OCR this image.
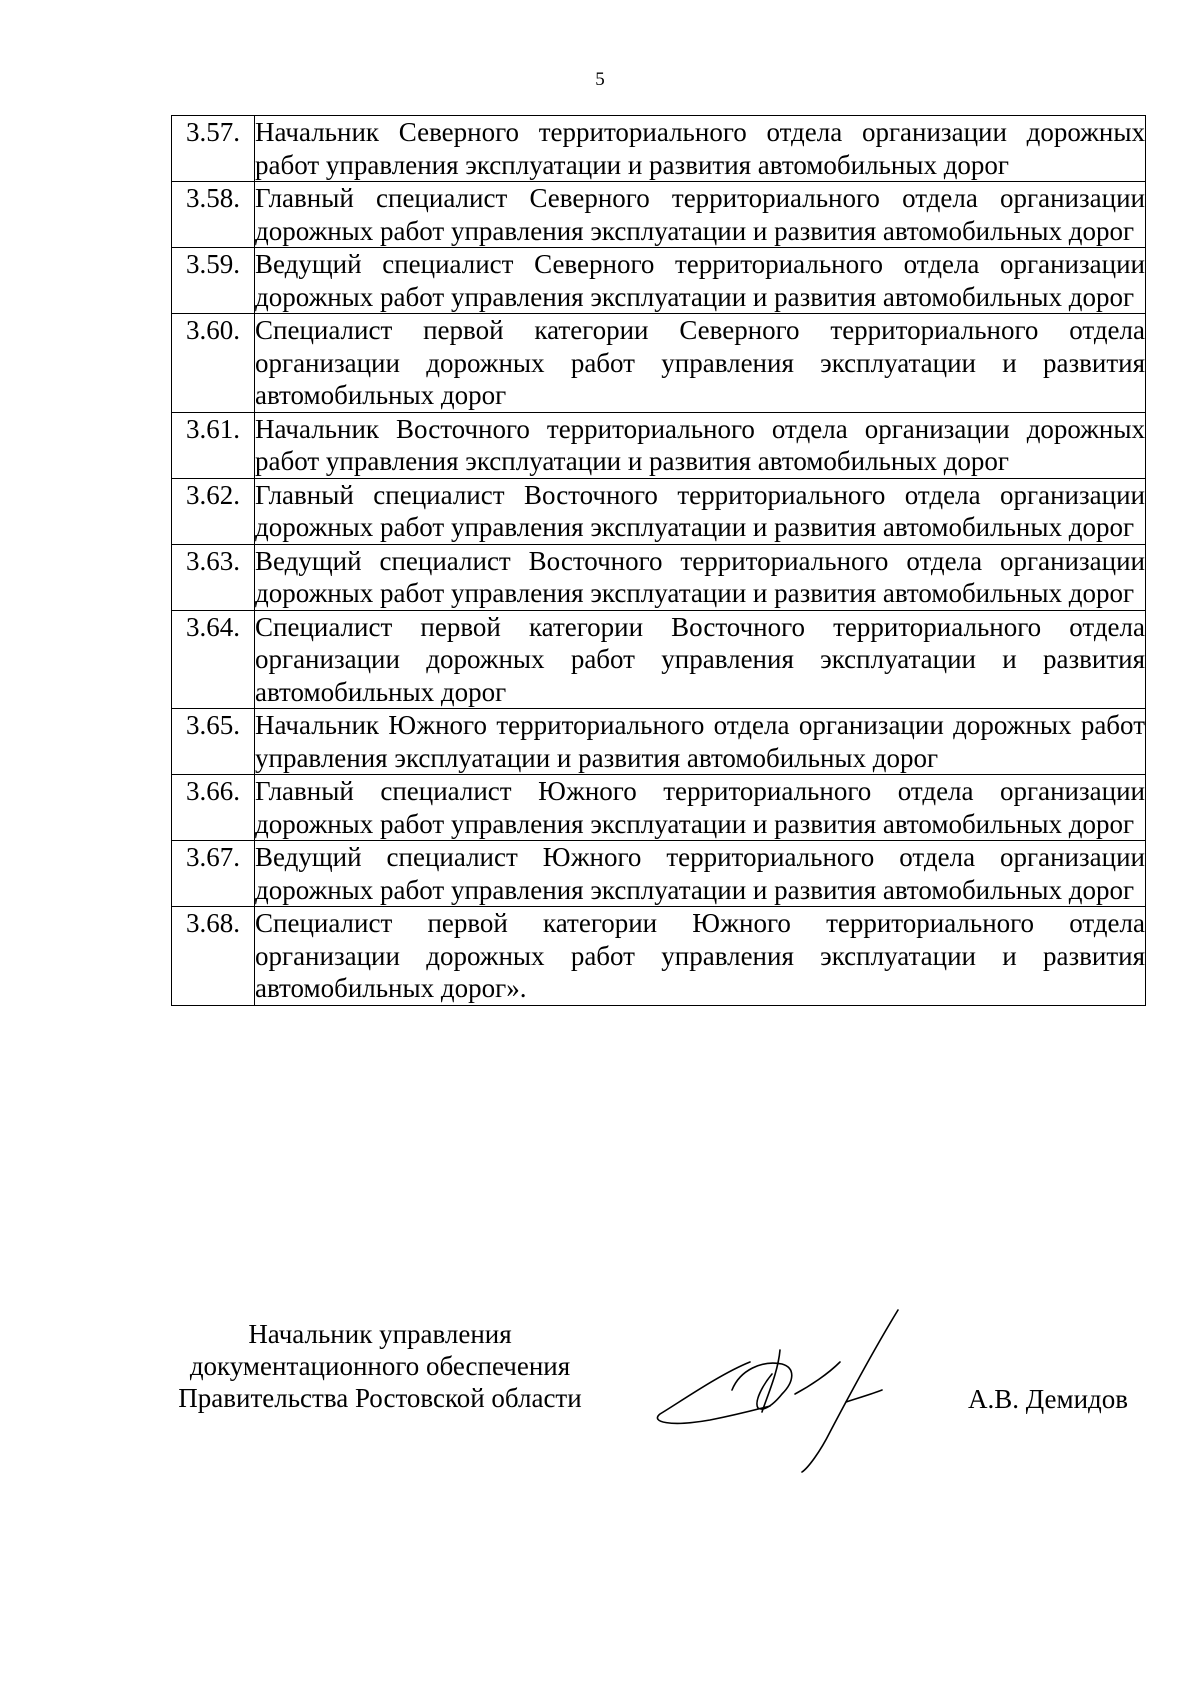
5
3.57.	Начальник Северного территориального отдела организации дорожных работ управления эксплуатации и развития автомобильных дорог
3.58.	Главный специалист Северного территориального отдела организации дорожных работ управления эксплуатации и развития автомобильных дорог
3.59.	Ведущий специалист Северного территориального отдела организации дорожных работ управления эксплуатации и развития автомобильных дорог
3.60.	Специалист первой категории Северного территориального отдела организации дорожных работ управления эксплуатации и развития автомобильных дорог
3.61.	Начальник Восточного территориального отдела организации дорожных работ управления эксплуатации и развития автомобильных дорог
3.62.	Главный специалист Восточного территориального отдела организации дорожных работ управления эксплуатации и развития автомобильных дорог
3.63.	Ведущий специалист Восточного территориального отдела организации дорожных работ управления эксплуатации и развития автомобильных дорог
3.64.	Специалист первой категории Восточного территориального отдела организации дорожных работ управления эксплуатации и развития автомобильных дорог
3.65.	Начальник Южного территориального отдела организации дорожных работ управления эксплуатации и развития автомобильных дорог
3.66.	Главный специалист Южного территориального отдела организации дорожных работ управления эксплуатации и развития автомобильных дорог
3.67.	Ведущий специалист Южного территориального отдела организации дорожных работ управления эксплуатации и развития автомобильных дорог
3.68.	Специалист первой категории Южного территориального отдела организации дорожных работ управления эксплуатации и развития автомобильных дорог».
Начальник управления
документационного обеспечения
Правительства Ростовской области	А.В. Демидов
